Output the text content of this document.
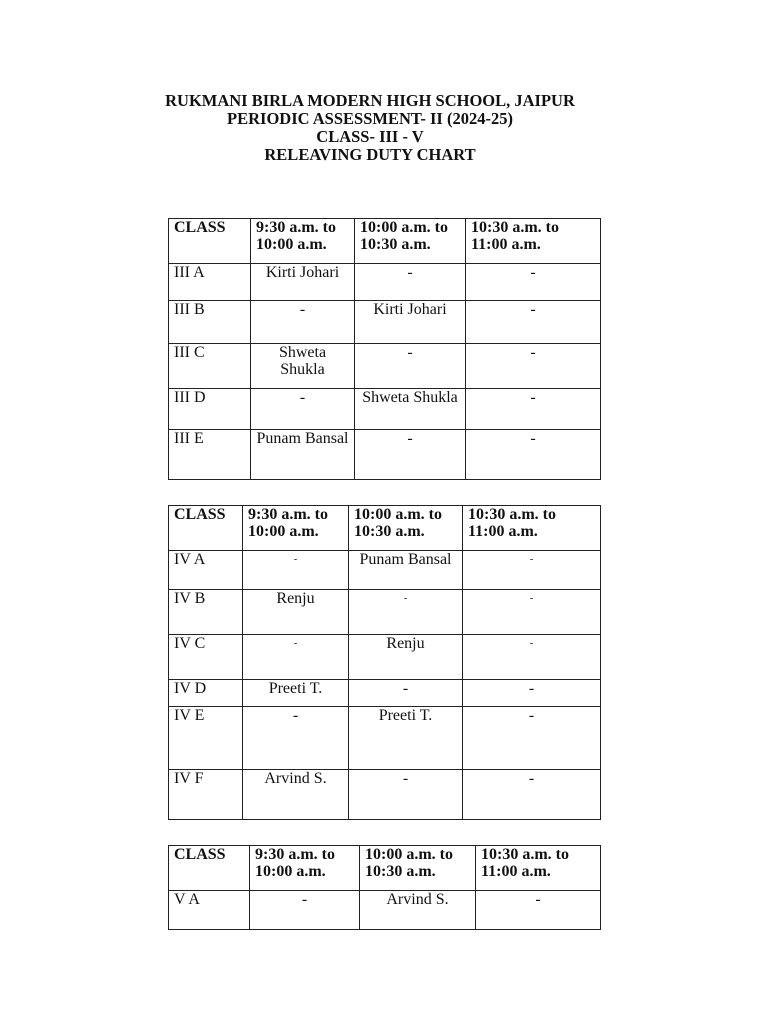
RUKMANI BIRLA MODERN HIGH SCHOOL, JAIPUR
PERIODIC ASSESSMENT- II (2024-25)
CLASS- III - V
RELEAVING DUTY CHART
CLASS	9:30 a.m. to 10:00 a.m.	10:00 a.m. to 10:30 a.m.	10:30 a.m. to 11:00 a.m.
III A	Kirti Johari	-	-
III B	-	Kirti Johari	-
III C	Shweta Shukla	-	-
III D	-	Shweta Shukla	-
III E	Punam Bansal	-	-
CLASS	9:30 a.m. to 10:00 a.m.	10:00 a.m. to 10:30 a.m.	10:30 a.m. to 11:00 a.m.
IV A	-	Punam Bansal	-
IV B	Renju	-	-
IV C	-	Renju	-
IV D	Preeti T.	-	-
IV E	-	Preeti T.	-
IV F	Arvind S.	-	-
CLASS	9:30 a.m. to 10:00 a.m.	10:00 a.m. to 10:30 a.m.	10:30 a.m. to 11:00 a.m.
V A	-	Arvind S.	-
